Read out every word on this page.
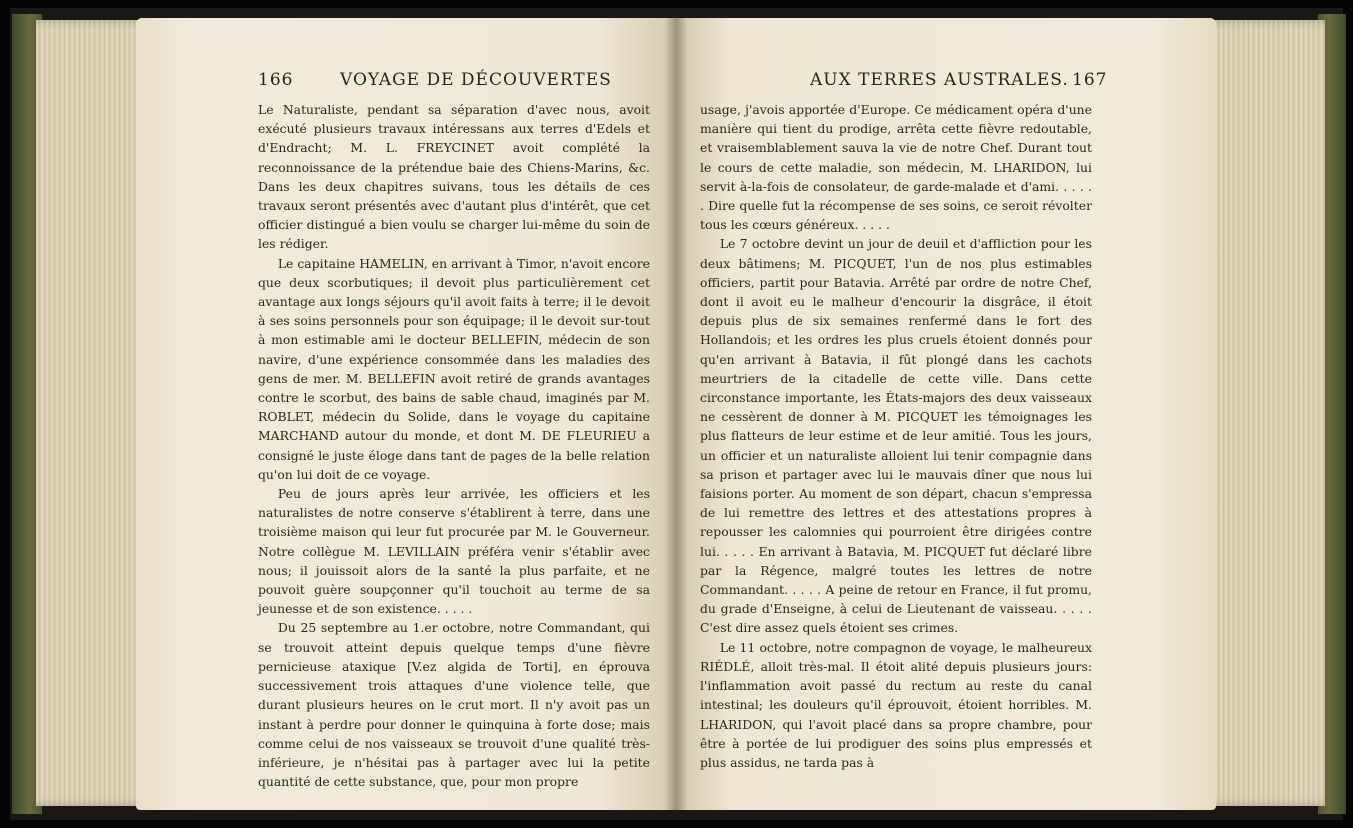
166	VOYAGE DE DÉCOUVERTES	AUX TERRES AUSTRALES. 167

Le Naturaliste, pendant sa séparation d'avec nous, avoit exécuté plusieurs travaux intéressans aux terres d'Edels et d'Endracht; M. L. FREYCINET avoit complété la reconnoissance de la prétendue baie des Chiens-Marins, &c. Dans les deux chapitres suivans, tous les détails de ces travaux seront présentés avec d'autant plus d'intérêt, que cet officier distingué a bien voulu se charger lui-même du soin de les rédiger.

Le capitaine HAMELIN, en arrivant à Timor, n'avoit encore que deux scorbutiques; il devoit plus particulièrement cet avantage aux longs séjours qu'il avoit faits à terre; il le devoit à ses soins personnels pour son équipage; il le devoit sur-tout à mon estimable ami le docteur BELLEFIN, médecin de son navire, d'une expérience consommée dans les maladies des gens de mer. M. BELLEFIN avoit retiré de grands avantages contre le scorbut, des bains de sable chaud, imaginés par M. ROBLET, médecin du Solide, dans le voyage du capitaine MARCHAND autour du monde, et dont M. DE FLEURIEU a consigné le juste éloge dans tant de pages de la belle relation qu'on lui doit de ce voyage.

Peu de jours après leur arrivée, les officiers et les naturalistes de notre conserve s'établirent à terre, dans une troisième maison qui leur fut procurée par M. le Gouverneur. Notre collègue M. LEVILLAIN préféra venir s'établir avec nous; il jouissoit alors de la santé la plus parfaite, et ne pouvoit guère soupçonner qu'il touchoit au terme de sa jeunesse et de son existence. . . . .

Du 25 septembre au 1.er octobre, notre Commandant, qui se trouvoit atteint depuis quelque temps d'une fièvre pernicieuse ataxique [V.ez algida de Torti], en éprouva successivement trois attaques d'une violence telle, que durant plusieurs heures on le crut mort. Il n'y avoit pas un instant à perdre pour donner le quinquina à forte dose; mais comme celui de nos vaisseaux se trouvoit d'une qualité très-inférieure, je n'hésitai pas à partager avec lui la petite quantité de cette substance, que, pour mon propre

usage, j'avois apportée d'Europe. Ce médicament opéra d'une manière qui tient du prodige, arrêta cette fièvre redoutable, et vraisemblablement sauva la vie de notre Chef. Durant tout le cours de cette maladie, son médecin, M. LHARIDON, lui servit à-la-fois de consolateur, de garde-malade et d'ami. . . . . . Dire quelle fut la récompense de ses soins, ce seroit révolter tous les cœurs généreux. . . . .

Le 7 octobre devint un jour de deuil et d'affliction pour les deux bâtimens; M. PICQUET, l'un de nos plus estimables officiers, partit pour Batavia. Arrêté par ordre de notre Chef, dont il avoit eu le malheur d'encourir la disgrâce, il étoit depuis plus de six semaines renfermé dans le fort des Hollandois; et les ordres les plus cruels étoient donnés pour qu'en arrivant à Batavia, il fût plongé dans les cachots meurtriers de la citadelle de cette ville. Dans cette circonstance importante, les États-majors des deux vaisseaux ne cessèrent de donner à M. PICQUET les témoignages les plus flatteurs de leur estime et de leur amitié. Tous les jours, un officier et un naturaliste alloient lui tenir compagnie dans sa prison et partager avec lui le mauvais dîner que nous lui faisions porter. Au moment de son départ, chacun s'empressa de lui remettre des lettres et des attestations propres à repousser les calomnies qui pourroient être dirigées contre lui. . . . . En arrivant à Batavia, M. PICQUET fut déclaré libre par la Régence, malgré toutes les lettres de notre Commandant. . . . . A peine de retour en France, il fut promu, du grade d'Enseigne, à celui de Lieutenant de vaisseau. . . . . C'est dire assez quels étoient ses crimes.

Le 11 octobre, notre compagnon de voyage, le malheureux RIÉDLÉ, alloit très-mal. Il étoit alité depuis plusieurs jours: l'inflammation avoit passé du rectum au reste du canal intestinal; les douleurs qu'il éprouvoit, étoient horribles. M. LHARIDON, qui l'avoit placé dans sa propre chambre, pour être à portée de lui prodiguer des soins plus empressés et plus assidus, ne tarda pas à
